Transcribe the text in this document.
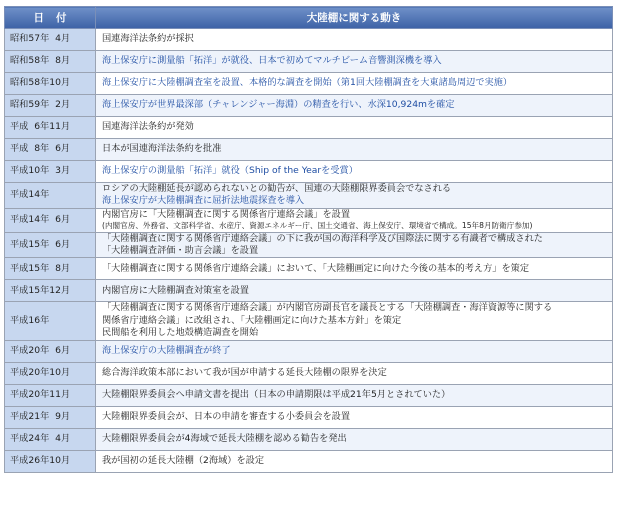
日付	大陸棚に関する動き
昭和57年  4月	国連海洋法条約が採択

昭和58年  8月	海上保安庁に測量船「拓洋」が就役、日本で初めてマルチビーム音響測深機を導入

昭和58年10月	海上保安庁に大陸棚調査室を設置、本格的な調査を開始（第1回大陸棚調査を大東諸島周辺で実施）

昭和59年  2月	海上保安庁が世界最深部（チャレンジャー海淵）の精査を行い、水深10,924mを確定

平成  6年11月	国連海洋法条約が発効

平成  8年  6月	日本が国連海洋法条約を批准

平成10年  3月	海上保安庁の測量船「拓洋」就役（Ship of the Yearを受賞）

平成14年	ロシアの大陸棚延長が認められないとの勧告が、国連の大陸棚限界委員会でなされる
海上保安庁が大陸棚調査に屈折法地震探査を導入

平成14年  6月	内閣官房に「大陸棚調査に関する関係省庁連絡会議」を設置
(内閣官房、外務省、文部科学省、水産庁、資源エネルギー庁、国土交通省、海上保安庁、環境省で構成。15年8月防衛庁参加)

平成15年  6月	「大陸棚調査に関する関係省庁連絡会議」の下に我が国の海洋科学及び国際法に関する有識者で構成された
「大陸棚調査評価・助言会議」を設置

平成15年  8月	「大陸棚調査に関する関係省庁連絡会議」において、「大陸棚画定に向けた今後の基本的考え方」を策定

平成15年12月	内閣官房に大陸棚調査対策室を設置

平成16年	「大陸棚調査に関する関係省庁連絡会議」が内閣官房副長官を議長とする「大陸棚調査・海洋資源等に関する
関係省庁連絡会議」に改組され、「大陸棚画定に向けた基本方針」を策定
民間船を利用した地殻構造調査を開始

平成20年  6月	海上保安庁の大陸棚調査が終了

平成20年10月	総合海洋政策本部において我が国が申請する延長大陸棚の限界を決定

平成20年11月	大陸棚限界委員会へ申請文書を提出（日本の申請期限は平成21年5月とされていた）

平成21年  9月	大陸棚限界委員会が、日本の申請を審査する小委員会を設置

平成24年  4月	大陸棚限界委員会が4海域で延長大陸棚を認める勧告を発出

平成26年10月	我が国初の延長大陸棚（2海域）を設定
